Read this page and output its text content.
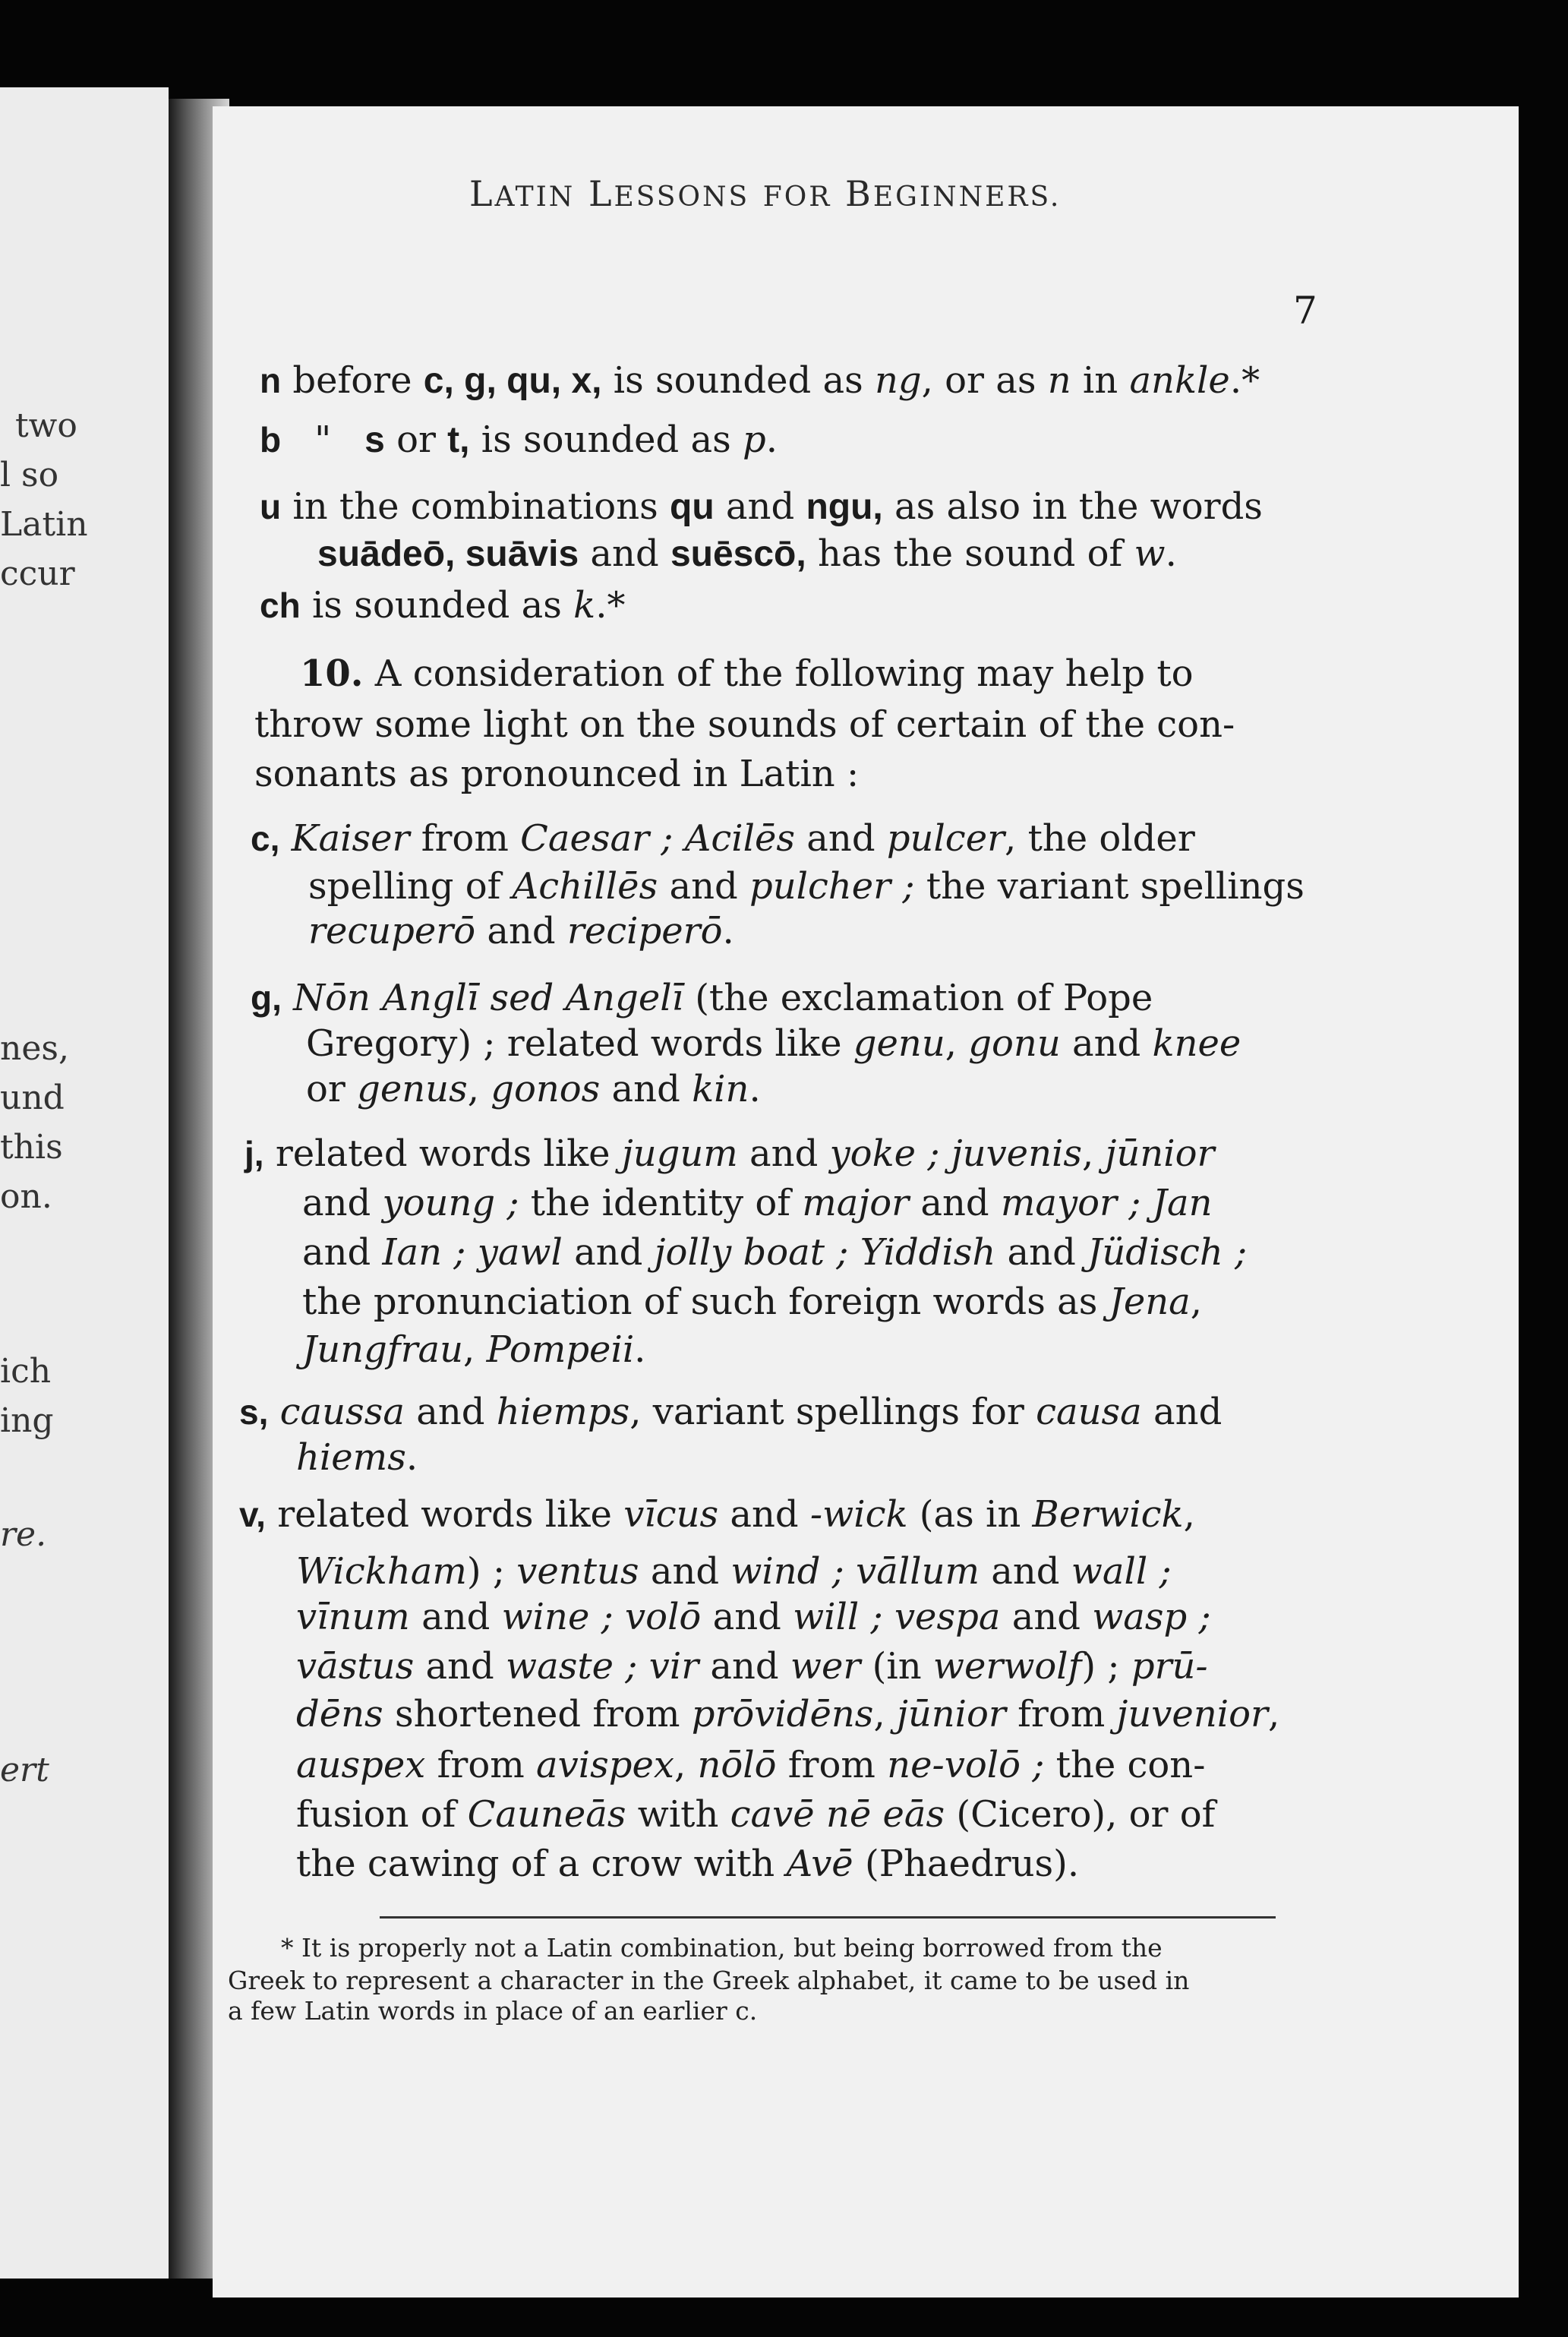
two
l so
Latin
ccur
nes,
und
this
on.
ich
ing
re.
ert
LATIN LESSONS FOR BEGINNERS.
7
n before c, g, qu, x, is sounded as ng, or as n in ankle.*
b " s or t, is sounded as p.
u in the combinations qu and ngu, as also in the words
suādeō, suāvis and suēscō, has the sound of w.
ch is sounded as k.*
10. A consideration of the following may help to
throw some light on the sounds of certain of the con-
sonants as pronounced in Latin :
c, Kaiser from Caesar ; Acilēs and pulcer, the older
spelling of Achillēs and pulcher ; the variant spellings
recuperō and reciperō.
g, Nōn Anglī sed Angelī (the exclamation of Pope
Gregory) ; related words like genu, gonu and knee
or genus, gonos and kin.
j, related words like jugum and yoke ; juvenis, jūnior
and young ; the identity of major and mayor ; Jan
and Ian ; yawl and jolly boat ; Yiddish and Jüdisch ;
the pronunciation of such foreign words as Jena,
Jungfrau, Pompeii.
s, caussa and hiemps, variant spellings for causa and
hiems.
v, related words like vīcus and -wick (as in Berwick,
Wickham) ; ventus and wind ; vāllum and wall ;
vīnum and wine ; volō and will ; vespa and wasp ;
vāstus and waste ; vir and wer (in werwolf) ; prū-
dēns shortened from prōvidēns, jūnior from juvenior,
auspex from avispex, nōlō from ne-volō ; the con-
fusion of Cauneās with cavē nē eās (Cicero), or of
the cawing of a crow with Avē (Phaedrus).
* It is properly not a Latin combination, but being borrowed from the
Greek to represent a character in the Greek alphabet, it came to be used in
a few Latin words in place of an earlier c.
